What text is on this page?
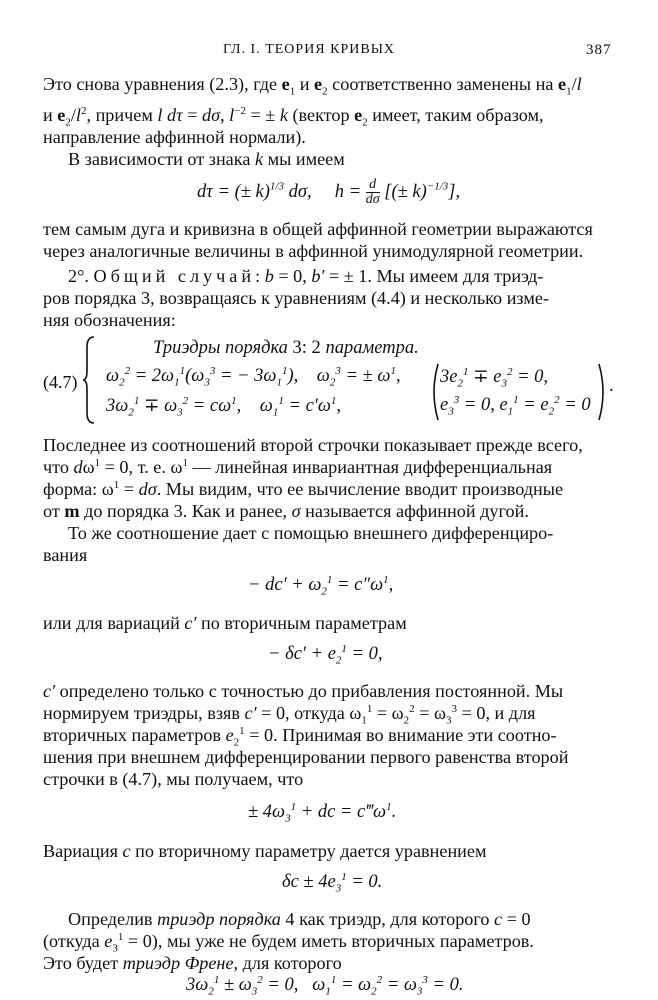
ГЛ. I. ТЕОРИЯ КРИВЫХ	387
Это снова уравнения (2.3), где $e_1$ и $e_2$ соответственно заменены на $e_1/l$
и $e_2/l^2$, причем l dτ = dσ, $l^{-2}$ = ± k (вектор $e_2$ имеет, таким образом,
направление аффинной нормали).
В зависимости от знака k мы имеем
dτ = (± k)$^{1/3}$ dσ,     $h = \frac{d}{d\sigma}$ [(± k)$^{-1/3}$],
тем самым дуга и кривизна в общей аффинной геометрии выражаются
через аналогичные величины в аффинной унимодулярной геометрии.
2°. Общий случай: b = 0, b′ = ± 1. Мы имеем для триэд-
ров порядка 3, возвращаясь к уравнениям (4.4) и несколько изме-
няя обозначения:
(4.7)
Триэдры порядка 3: 2 параметра.
$\omega_2^2 = 2\omega_1^1(\omega_3^3$ = − $3\omega_1^1$),    $\omega_2^3$ = ± $\omega^1$,
$3\omega_2^1 \mp \omega_3^2 = c\omega^1$,    $\omega_1^1 = c'\omega^1$,
$3e_2^1 \mp e_3^2 = 0$,
$e_3^3 = 0$, $e_1^1 = e_2^2 = 0$
.
Последнее из соотношений второй строчки показывает прежде всего,
что $d\omega^1 = 0$, т. е. $\omega^1$ — линейная инвариантная дифференциальная
форма: $\omega^1 = d\sigma$. Мы видим, что ее вычисление вводит производные
от m до порядка 3. Как и ранее, σ называется аффинной дугой.
То же соотношение дает с помощью внешнего дифференциро-
вания
− $dc' + \omega_2^1 = c''\omega^1$,
или для вариаций c′ по вторичным параметрам
− $\delta c' + e_2^1 = 0$,
c′ определено только с точностью до прибавления постоянной. Мы
нормируем триэдры, взяв c′ = 0, откуда $\omega_1^1 = \omega_2^2 = \omega_3^3 = 0$, и для
вторичных параметров $e_2^1 = 0$. Принимая во внимание эти соотно-
шения при внешнем дифференцировании первого равенства второй
строчки в (4.7), мы получаем, что
± $4\omega_3^1$ + dc = $c‴\omega^1$.
Вариация c по вторичному параметру дается уравнением
$\delta c \pm 4e_3^1 = 0$.
Определив триэдр порядка 4 как триэдр, для которого c = 0
(откуда $e_3^1 = 0$), мы уже не будем иметь вторичных параметров.
Это будет триэдр Френе, для которого
$3\omega_2^1 \pm \omega_3^2 = 0$,   $\omega_1^1 = \omega_2^2 = \omega_3^3 = 0$.
